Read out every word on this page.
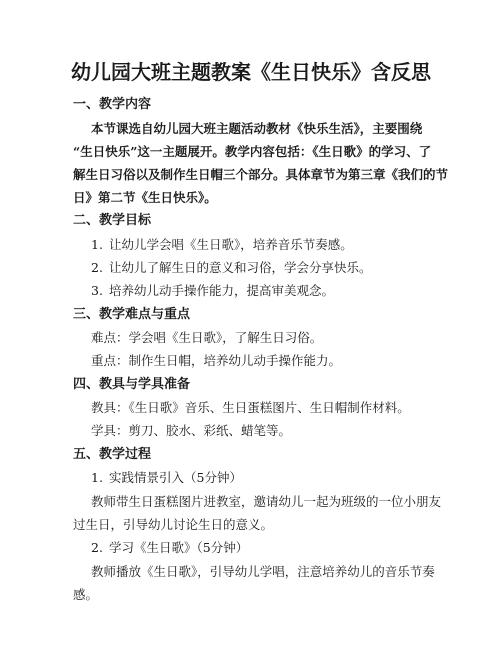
幼儿园大班主题教案《生日快乐》含反思
一、教学内容
本节课选自幼儿园大班主题活动教材《快乐生活》，主要围绕
“生日快乐”这一主题展开。教学内容包括：《生日歌》的学习、了
解生日习俗以及制作生日帽三个部分。具体章节为第三章《我们的节
日》第二节《生日快乐》。
二、教学目标
1. 让幼儿学会唱《生日歌》，培养音乐节奏感。
2. 让幼儿了解生日的意义和习俗，学会分享快乐。
3. 培养幼儿动手操作能力，提高审美观念。
三、教学难点与重点
难点：学会唱《生日歌》，了解生日习俗。
重点：制作生日帽，培养幼儿动手操作能力。
四、教具与学具准备
教具：《生日歌》音乐、生日蛋糕图片、生日帽制作材料。
学具：剪刀、胶水、彩纸、蜡笔等。
五、教学过程
1. 实践情景引入（5分钟）
教师带生日蛋糕图片进教室，邀请幼儿一起为班级的一位小朋友
过生日，引导幼儿讨论生日的意义。
2. 学习《生日歌》（5分钟）
教师播放《生日歌》，引导幼儿学唱，注意培养幼儿的音乐节奏
感。
